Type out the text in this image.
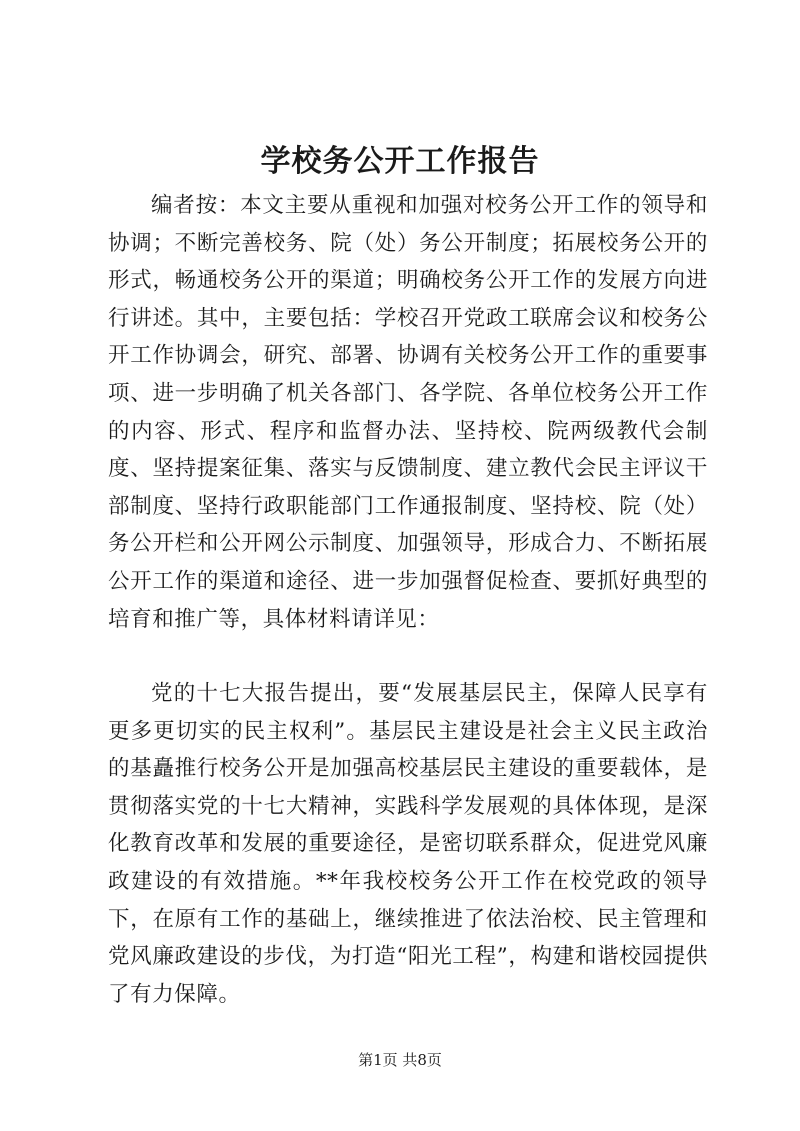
学校务公开工作报告

编者按：本文主要从重视和加强对校务公开工作的领导和协调；不断完善校务、院（处）务公开制度；拓展校务公开的形式，畅通校务公开的渠道；明确校务公开工作的发展方向进行讲述。其中，主要包括：学校召开党政工联席会议和校务公开工作协调会，研究、部署、协调有关校务公开工作的重要事项、进一步明确了机关各部门、各学院、各单位校务公开工作的内容、形式、程序和监督办法、坚持校、院两级教代会制度、坚持提案征集、落实与反馈制度、建立教代会民主评议干部制度、坚持行政职能部门工作通报制度、坚持校、院（处）务公开栏和公开网公示制度、加强领导，形成合力、不断拓展公开工作的渠道和途径、进一步加强督促检查、要抓好典型的培育和推广等，具体材料请详见：

党的十七大报告提出，要“发展基层民主，保障人民享有更多更切实的民主权利”。基层民主建设是社会主义民主政治的基矗推行校务公开是加强高校基层民主建设的重要载体，是贯彻落实党的十七大精神，实践科学发展观的具体体现，是深化教育改革和发展的重要途径，是密切联系群众，促进党风廉政建设的有效措施。**年我校校务公开工作在校党政的领导下，在原有工作的基础上，继续推进了依法治校、民主管理和党风廉政建设的步伐，为打造“阳光工程”，构建和谐校园提供了有力保障。

第1页 共8页
